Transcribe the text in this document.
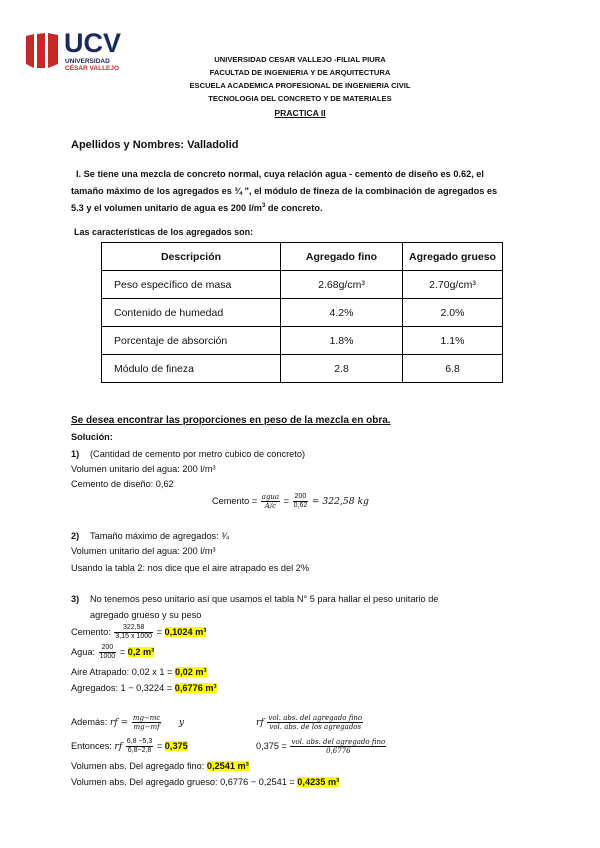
UCV
UNIVERSIDAD
CÉSAR VALLEJO
UNIVERSIDAD CESAR VALLEJO -FILIAL PIURA
FACULTAD DE INGENIERIA Y DE ARQUITECTURA
ESCUELA ACADEMICA PROFESIONAL DE INGENIERIA CIVIL
TECNOLOGIA DEL CONCRETO Y DE MATERIALES
PRACTICA II
Apellidos y Nombres: Valladolid
I. Se tiene una mezcla de concreto normal, cuya relación agua - cemento de diseño es 0.62, el
tamaño máximo de los agregados es ¾ ", el módulo de fineza de la combinación de agregados es
5.3 y el volumen unitario de agua es 200 $l/m^3$ de concreto.
Las características de los agregados son:
Descripción	Agregado fino	Agregado grueso
Peso específico de masa	2.68g/cm³	2.70g/cm³
Contenido de humedad	4.2%	2.0%
Porcentaje de absorción	1.8%	1.1%
Módulo de fineza	2.8	6.8
Se desea encontrar las proporciones en peso de la mezcla en obra.
Solución:
1) (Cantidad de cemento por metro cubico de concreto)
Volumen unitario del agua: 200 l/m³
Cemento de diseño: 0,62
Cemento = $\frac{\text{agua}}{A/c} = \frac{200}{0,62} = 322,58$ kg
2) Tamaño máximo de agregados: ¾
Volumen unitario del agua: 200 l/m³
Usando la tabla 2: nos dice que el aire atrapado es del 2%
3) No tenemos peso unitario así que usamos el tabla N° 5 para hallar el peso unitario de
agregado grueso y su peso
Cemento: $\frac{322,58}{3,15 x 1000} = 0,1024$ m³
Agua: $\frac{200}{1000} = 0,2$ m³
Aire Atrapado: 0,02 x 1 = 0,02 m³
Agregados: 1 − 0,3224 = 0,6776 m³
Además: rf = $\frac{mg-mc}{mg-mf}$ y	rf $\frac{\text{vol. abs. del agregado fino}}{\text{vol. abs. de los agregados}}$
Entonces: rf $\frac{6,8 -5,3}{6,8-2,8} = 0,375$	$0,375 = \frac{\text{vol. abs. del agregado fino}}{0,6776}$
Volumen abs. Del agregado fino: 0,2541 m³
Volumen abs. Del agregado grueso: 0,6776 − 0,2541 = 0,4235 m³
